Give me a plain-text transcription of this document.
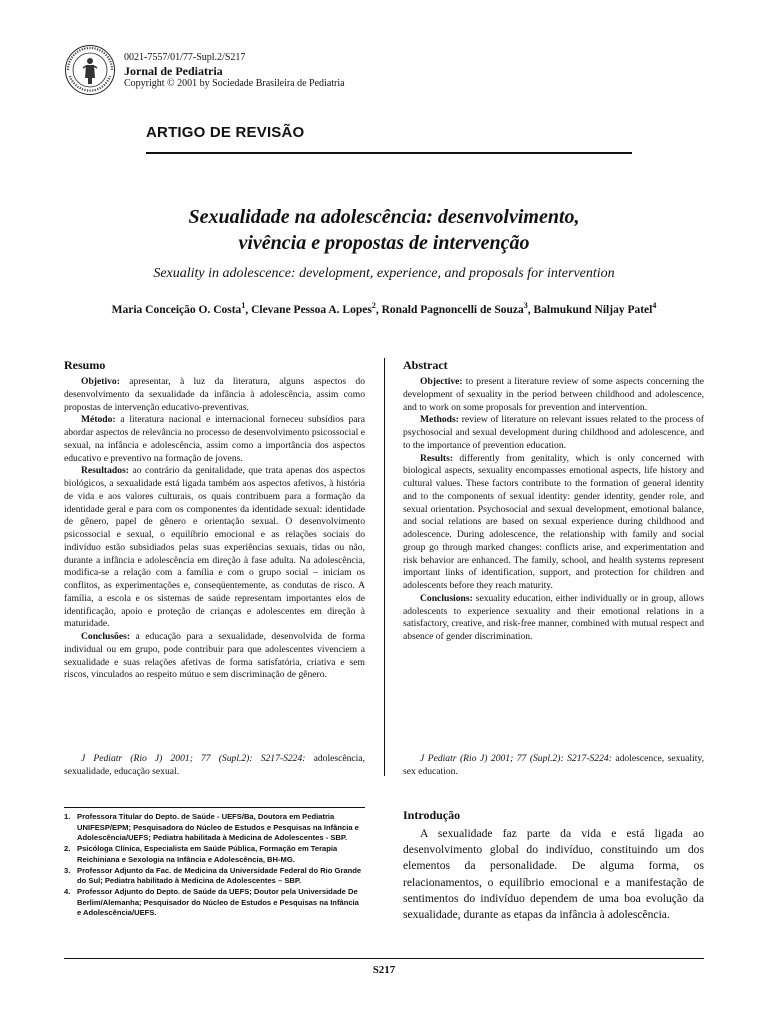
0021-7557/01/77-Supl.2/S217
Jornal de Pediatria
Copyright © 2001 by Sociedade Brasileira de Pediatria
ARTIGO DE REVISÃO
Sexualidade na adolescência: desenvolvimento,
vivência e propostas de intervenção
Sexuality in adolescence: development, experience, and proposals for intervention
Maria Conceição O. Costa$^1$, Clevane Pessoa A. Lopes$^2$, Ronald Pagnoncelli de Souza$^3$, Balmukund Niljay Patel$^4$
Resumo

Objetivo: apresentar, à luz da literatura, alguns aspectos do desenvolvimento da sexualidade da infância à adolescência, assim como propostas de intervenção educativo-preventivas.

Método: a literatura nacional e internacional forneceu subsídios para abordar aspectos de relevância no processo de desenvolvimento psicossocial e sexual, na infância e adolescência, assim como a importância dos aspectos educativo e preventivo na formação de jovens.

Resultados: ao contrário da genitalidade, que trata apenas dos aspectos biológicos, a sexualidade está ligada também aos aspectos afetivos, à história de vida e aos valores culturais, os quais contribuem para a formação da identidade geral e para com os componentes da identidade sexual: identidade de gênero, papel de gênero e orientação sexual. O desenvolvimento psicossocial e sexual, o equilíbrio emocional e as relações sociais do indivíduo estão subsidiados pelas suas experiências sexuais, tidas ou não, durante a infância e adolescência em direção à fase adulta. Na adolescência, modifica-se a relação com a família e com o grupo social – iniciam os conflitos, as experimentações e, conseqüentemente, as condutas de risco. A família, a escola e os sistemas de saúde representam importantes elos de identificação, apoio e proteção de crianças e adolescentes em direção à maturidade.

Conclusões: a educação para a sexualidade, desenvolvida de forma individual ou em grupo, pode contribuir para que adolescentes vivenciem a sexualidade e suas relações afetivas de forma satisfatória, criativa e sem riscos, vinculados ao respeito mútuo e sem discriminação de gênero.

J Pediatr (Rio J) 2001; 77 (Supl.2): S217-S224: adolescência, sexualidade, educação sexual.
Abstract

Objective: to present a literature review of some aspects concerning the development of sexuality in the period between childhood and adolescence, and to work on some proposals for prevention and intervention.

Methods: review of literature on relevant issues related to the process of psychosocial and sexual development during childhood and adolescence, and to the importance of prevention education.

Results: differently from genitality, which is only concerned with biological aspects, sexuality encompasses emotional aspects, life history and cultural values. These factors contribute to the formation of general identity and to the components of sexual identity: gender identity, gender role, and sexual orientation. Psychosocial and sexual development, emotional balance, and social relations are based on sexual experience during childhood and adolescence. During adolescence, the relationship with family and social group go through marked changes: conflicts arise, and experimentation and risk behavior are enhanced. The family, school, and health systems represent important links of identification, support, and protection for children and adolescents before they reach maturity.

Conclusions: sexuality education, either individually or in group, allows adolescents to experience sexuality and their emotional relations in a satisfactory, creative, and risk-free manner, combined with mutual respect and absence of gender discrimination.

J Pediatr (Rio J) 2001; 77 (Supl.2): S217-S224: adolescence, sexuality, sex education.
1. Professora Titular do Depto. de Saúde - UEFS/Ba, Doutora em Pediatria UNIFESP/EPM; Pesquisadora do Núcleo de Estudos e Pesquisas na Infância e Adolescência/UEFS; Pediatra habilitada à Medicina de Adolescentes - SBP.
2. Psicóloga Clínica, Especialista em Saúde Pública, Formação em Terapia Reichiniana e Sexologia na Infância e Adolescência, BH-MG.
3. Professor Adjunto da Fac. de Medicina da Universidade Federal do Rio Grande do Sul; Pediatra habilitado à Medicina de Adolescentes – SBP.
4. Professor Adjunto do Depto. de Saúde da UEFS; Doutor pela Universidade De Berlim/Alemanha; Pesquisador do Núcleo de Estudos e Pesquisas na Infância e Adolescência/UEFS.
Introdução
A sexualidade faz parte da vida e está ligada ao desenvolvimento global do indivíduo, constituindo um dos elementos da personalidade. De alguma forma, os relacionamentos, o equilíbrio emocional e a manifestação de sentimentos do indivíduo dependem de uma boa evolução da sexualidade, durante as etapas da infância à adolescência.
S217
